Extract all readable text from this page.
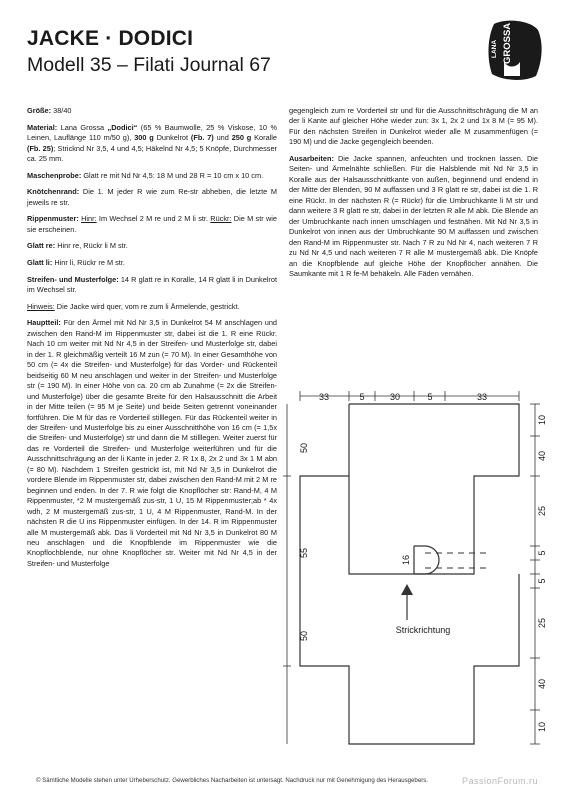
JACKE · DODICI
Modell 35 – Filati Journal 67
LANA GROSSA

Größe: 38/40

Material: Lana Grossa „Dodici“ (65 % Baumwolle, 25 % Viskose, 10 % Leinen, Lauflänge 110 m/50 g), 300 g Dunkelrot (Fb. 7) und 250 g Koralle (Fb. 25); Stricknd Nr 3,5, 4 und 4,5; Häkelnd Nr 4,5; 5 Knöpfe, Durchmesser ca. 25 mm.

Maschenprobe: Glatt re mit Nd Nr 4,5: 18 M und 28 R = 10 cm x 10 cm.

Knötchenrand: Die 1. M jeder R wie zum Re-str abheben, die letzte M jeweils re str.

Rippenmuster: Hinr: Im Wechsel 2 M re und 2 M li str. Rückr: Die M str wie sie erscheinen.

Glatt re: Hinr re, Rückr li M str.

Glatt li: Hinr li, Rückr re M str.

Streifen- und Musterfolge: 14 R glatt re in Koralle, 14 R glatt li in Dunkelrot im Wechsel str.

Hinweis: Die Jacke wird quer, vom re zum li Ärmelende, gestrickt.

Hauptteil: Für den Ärmel mit Nd Nr 3,5 in Dunkelrot 54 M anschlagen und zwischen den Rand-M im Rippenmuster str, dabei ist die 1. R eine Rückr. Nach 10 cm weiter mit Nd Nr 4,5 in der Streifen- und Musterfolge str, dabei in der 1. R gleichmäßig verteilt 16 M zun (= 70 M). In einer Gesamthöhe von 50 cm (= 4x die Streifen- und Musterfolge) für das Vorder- und Rückenteil beidseitig 60 M neu anschlagen und weiter in der Streifen- und Musterfolge str (= 190 M). In einer Höhe von ca. 20 cm ab Zunahme (= 2x die Streifen- und Musterfolge) über die gesamte Breite für den Halsausschnitt die Arbeit in der Mitte teilen (= 95 M je Seite) und beide Seiten getrennt voneinander fortführen. Die M für das re Vorderteil stilllegen. Für das Rückenteil weiter in der Streifen- und Musterfolge bis zu einer Ausschnitthöhe von 16 cm (= 1,5x die Streifen- und Musterfolge) str und dann die M stilllegen. Weiter zuerst für das re Vorderteil die Streifen- und Musterfolge weiterführen und für die Ausschnittschrägung an der li Kante in jeder 2. R 1x 8, 2x 2 und 3x 1 M abn (= 80 M). Nachdem 1 Streifen gestrickt ist, mit Nd Nr 3,5 in Dunkelrot die vordere Blende im Rippenmuster str, dabei zwischen den Rand-M mit 2 M re beginnen und enden. In der 7. R wie folgt die Knopflöcher str: Rand-M, 4 M Rippenmuster, *2 M mustergemäß zus-str, 1 U, 15 M Rippenmuster;ab * 4x wdh, 2 M mustergemäß zus-str, 1 U, 4 M Rippenmuster, Rand-M. In der nächsten R die U ins Rippenmuster einfügen. In der 14. R im Rippenmuster alle M mustergemäß abk. Das li Vorderteil mit Nd Nr 3,5 in Dunkelrot 80 M neu anschlagen und die Knopfblende im Rippenmuster wie die Knopflochblende, nur ohne Knopflöcher str. Weiter mit Nd Nr 4,5 in der Streifen- und Musterfolge

gegengleich zum re Vorderteil str und für die Ausschnittschrägung die M an der li Kante auf gleicher Höhe wieder zun: 3x 1, 2x 2 und 1x 8 M (= 95 M). Für den nächsten Streifen in Dunkelrot wieder alle M zusammenfügen (= 190 M) und die Jacke gegengleich beenden.

Ausarbeiten: Die Jacke spannen, anfeuchten und trocknen lassen. Die Seiten- und Ärmelnähte schließen. Für die Halsblende mit Nd Nr 3,5 in Koralle aus der Halsausschnittkante von außen, beginnend und endend in der Mitte der Blenden, 90 M auffassen und 3 R glatt re str, dabei ist die 1. R eine Rückr. In der nächsten R (= Rückr) für die Umbruchkante li M str und dann weitere 3 R glatt re str, dabei in der letzten R alle M abk. Die Blende an der Umbruchkante nach innen umschlagen und festnähen. Mit Nd Nr 3,5 in Dunkelrot von innen aus der Umbruchkante 90 M auffassen und zwischen den Rand-M im Rippenmuster str. Nach 7 R zu Nd Nr 4, nach weiteren 7 R zu Nd Nr 4,5 und nach weiteren 7 R alle M mustergemäß abk. Die Knöpfe an die Knopfblende auf gleiche Höhe der Knopflöcher annähen. Die Saumkante mit 1 R fe-M behäkeln. Alle Fäden vernähen.

33	5	30	5	33
10
40
25
5
5
25
40
10
50
55
50
16
Strickrichtung
© Sämtliche Modelle stehen unter Urheberschutz. Gewerbliches Nacharbeiten ist untersagt. Nachdruck nur mit Genehmigung des Herausgebers.	PassionForum.ru
